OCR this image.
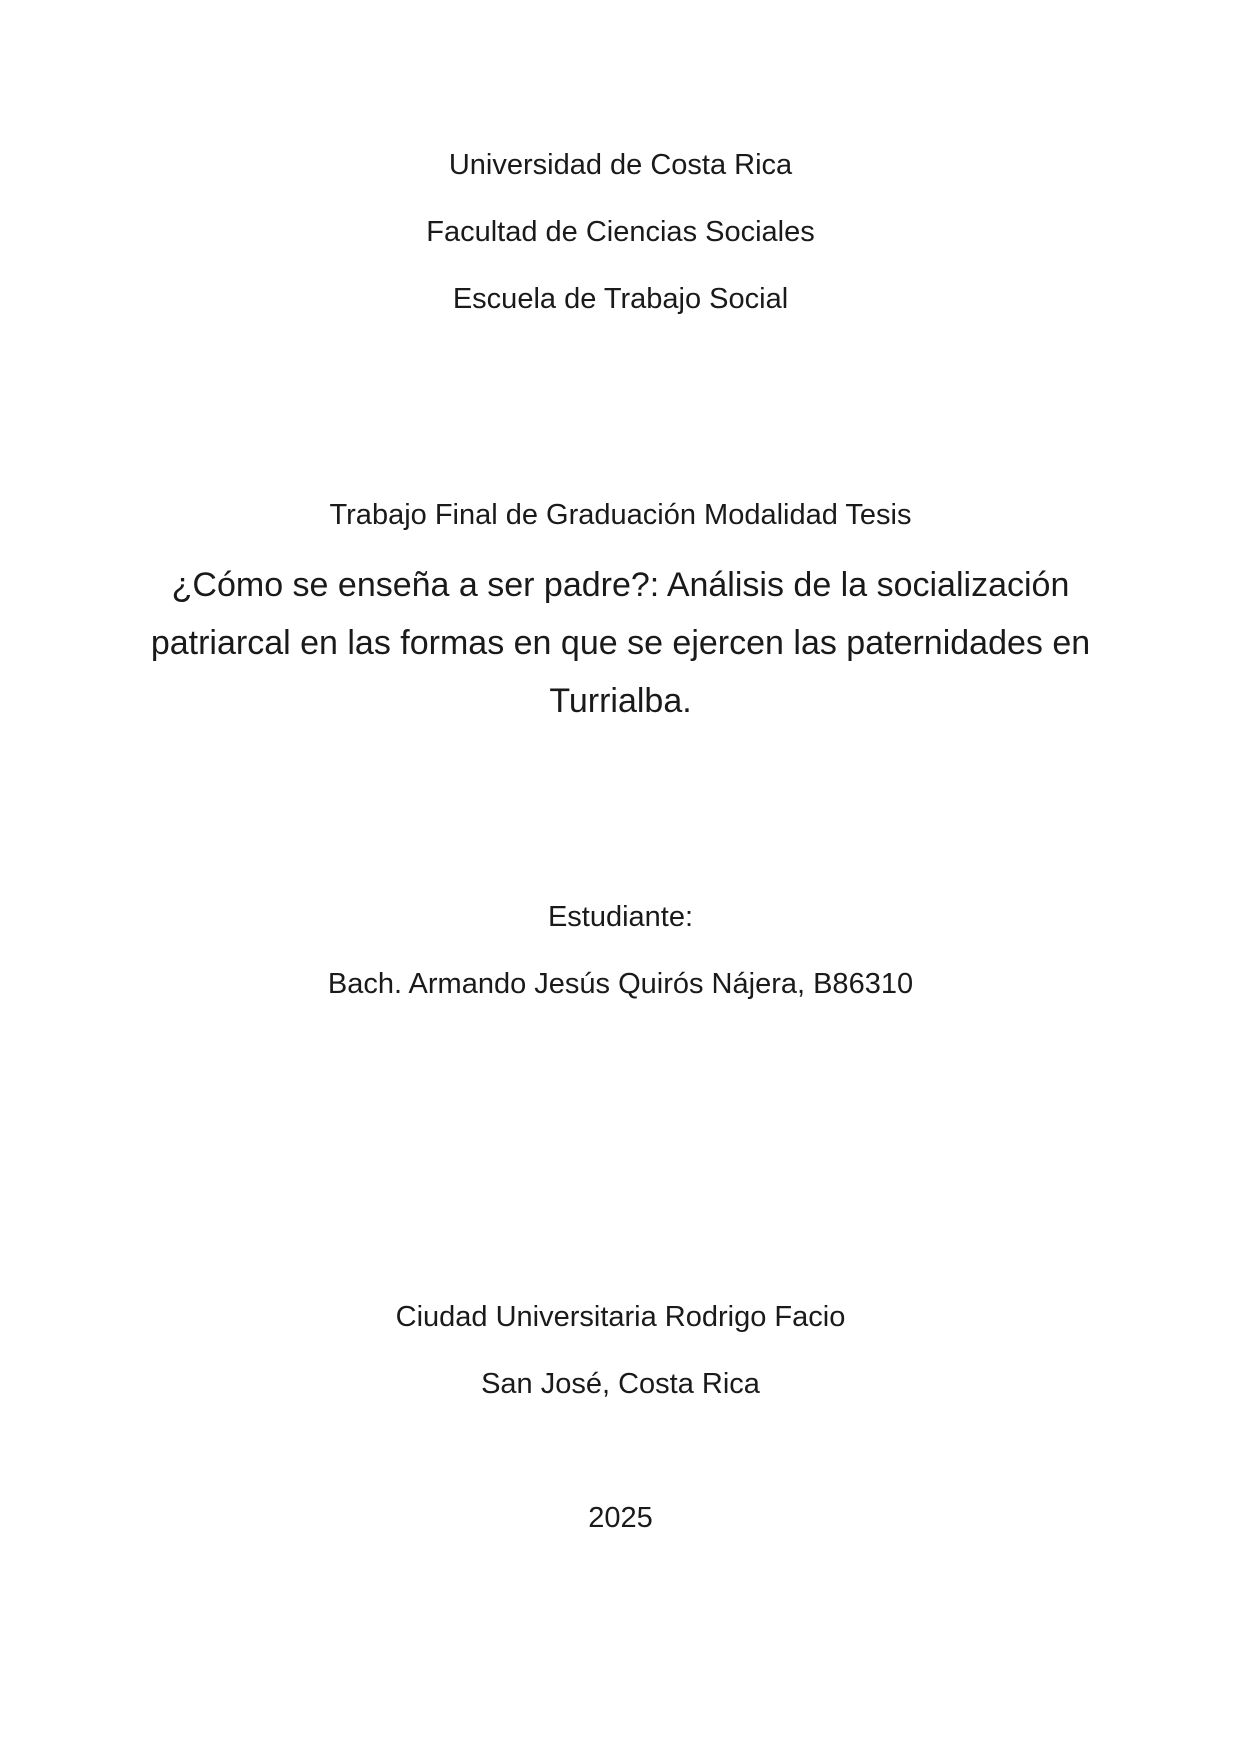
Universidad de Costa Rica
Facultad de Ciencias Sociales
Escuela de Trabajo Social
Trabajo Final de Graduación Modalidad Tesis
¿Cómo se enseña a ser padre?: Análisis de la socialización
patriarcal en las formas en que se ejercen las paternidades en
Turrialba.
Estudiante:
Bach. Armando Jesús Quirós Nájera, B86310
Ciudad Universitaria Rodrigo Facio
San José, Costa Rica
2025
